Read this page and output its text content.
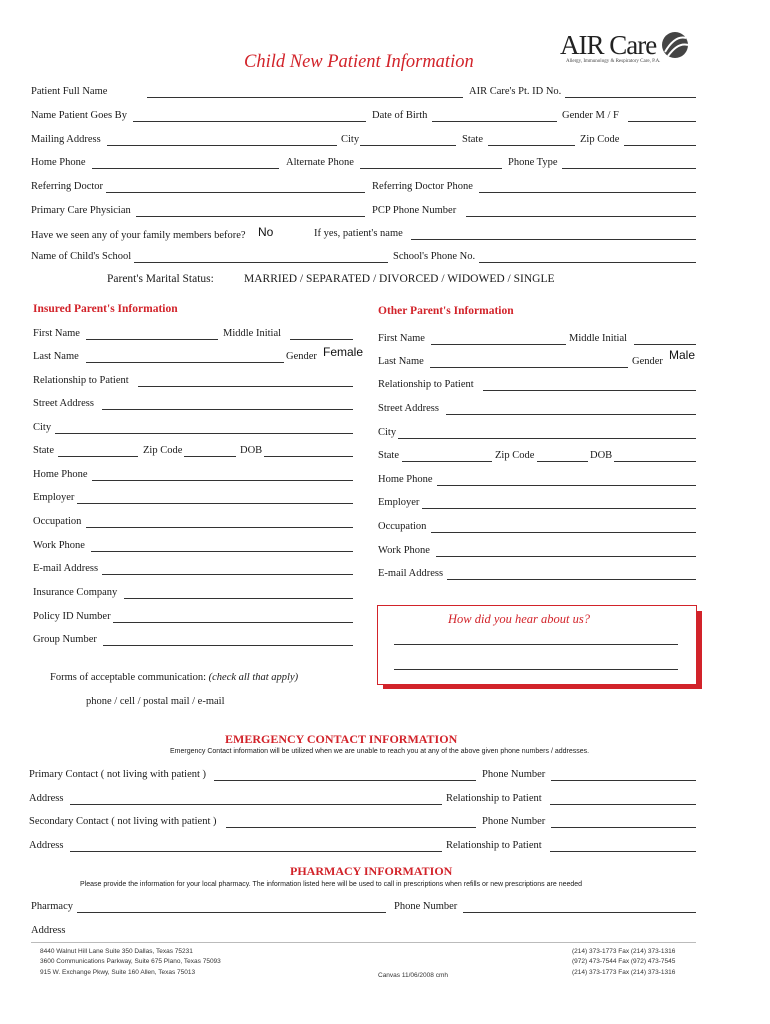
Child New Patient Information
AIR Care
Allergy, Immunology & Respiratory Care, P.A.
Patient Full Name	AIR Care's Pt. ID No.
Name Patient Goes By	Date of Birth	Gender M / F
Mailing Address	City	State	Zip Code
Home Phone	Alternate Phone	Phone Type
Referring Doctor	Referring Doctor Phone
Primary Care Physician	PCP Phone Number
Have we seen any of your family members before? No	If yes, patient's name
Name of Child's School	School's Phone No.
Parent's Marital Status:	MARRIED / SEPARATED / DIVORCED / WIDOWED / SINGLE
Insured Parent's Information
First Name	Middle Initial
Last Name	Gender Female
Relationship to Patient
Street Address
City
State	Zip Code	DOB
Home Phone
Employer
Occupation
Work Phone
E-mail Address
Insurance Company
Policy ID Number
Group Number
Other Parent's Information
First Name	Middle Initial
Last Name	Gender Male
Relationship to Patient
Street Address
City
State	Zip Code	DOB
Home Phone
Employer
Occupation
Work Phone
E-mail Address
How did you hear about us?
Forms of acceptable communication: (check all that apply)
phone / cell / postal mail / e-mail
EMERGENCY CONTACT INFORMATION
Emergency Contact information will be utilized when we are unable to reach you at any of the above given phone numbers / addresses.
Primary Contact ( not living with patient )	Phone Number
Address	Relationship to Patient
Secondary Contact ( not living with patient )	Phone Number
Address	Relationship to Patient
PHARMACY INFORMATION
Please provide the information for your local pharmacy. The information listed here will be used to call in prescriptions when refills or new prescriptions are needed
Pharmacy	Phone Number
Address
8440 Walnut Hill Lane Suite 350 Dallas, Texas 75231
3600 Communications Parkway, Suite 675 Plano, Texas 75093
915 W. Exchange Pkwy, Suite 160 Allen, Texas 75013	Canvas 11/06/2008 cmh
(214) 373-1773 Fax (214) 373-1316
(972) 473-7544 Fax (972) 473-7545
(214) 373-1773 Fax (214) 373-1316
